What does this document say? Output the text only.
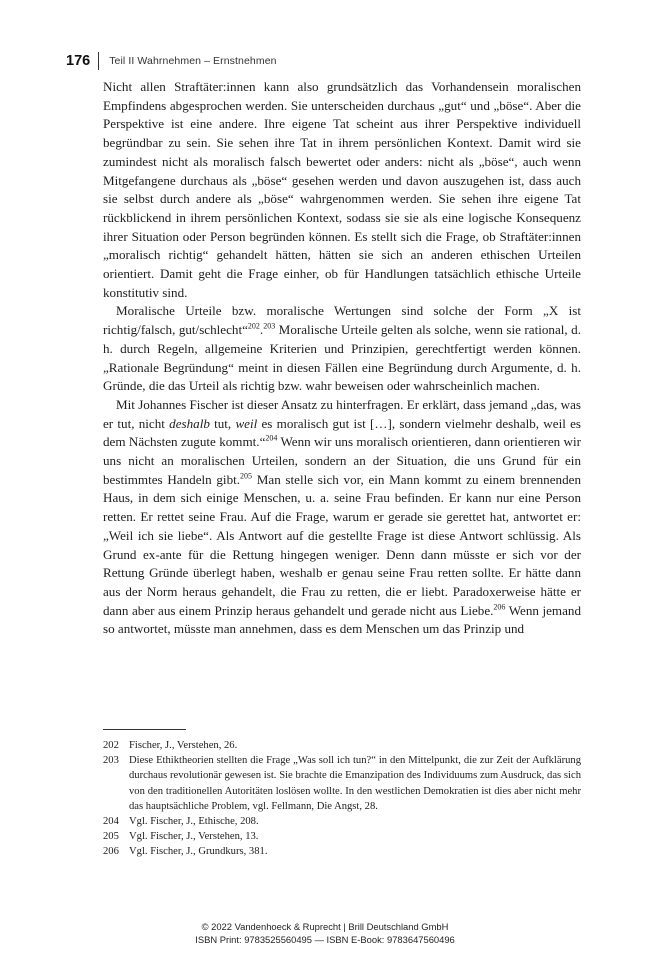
176 Teil II Wahrnehmen – Ernstnehmen

Nicht allen Straftäter:innen kann also grundsätzlich das Vorhandensein moralischen Empfindens abgesprochen werden. Sie unterscheiden durchaus „gut“ und „böse“. Aber die Perspektive ist eine andere. Ihre eigene Tat scheint aus ihrer Perspektive individuell begründbar zu sein. Sie sehen ihre Tat in ihrem persönlichen Kontext. Damit wird sie zumindest nicht als moralisch falsch bewertet oder anders: nicht als „böse“, auch wenn Mitgefangene durchaus als „böse“ gesehen werden und davon auszugehen ist, dass auch sie selbst durch andere als „böse“ wahrgenommen werden. Sie sehen ihre eigene Tat rückblickend in ihrem persönlichen Kontext, sodass sie sie als eine logische Konsequenz ihrer Situation oder Person begründen können. Es stellt sich die Frage, ob Straftäter:innen „moralisch richtig“ gehandelt hätten, hätten sie sich an anderen ethischen Urteilen orientiert. Damit geht die Frage einher, ob für Handlungen tatsächlich ethische Urteile konstitutiv sind.

Moralische Urteile bzw. moralische Wertungen sind solche der Form „X ist richtig/falsch, gut/schlecht“$^{202}$.$^{203}$ Moralische Urteile gelten als solche, wenn sie rational, d. h. durch Regeln, allgemeine Kriterien und Prinzipien, gerechtfertigt werden können. „Rationale Begründung“ meint in diesen Fällen eine Begründung durch Argumente, d. h. Gründe, die das Urteil als richtig bzw. wahr beweisen oder wahrscheinlich machen.

Mit Johannes Fischer ist dieser Ansatz zu hinterfragen. Er erklärt, dass jemand „das, was er tut, nicht deshalb tut, weil es moralisch gut ist […], sondern vielmehr deshalb, weil es dem Nächsten zugute kommt.“$^{204}$ Wenn wir uns moralisch orientieren, dann orientieren wir uns nicht an moralischen Urteilen, sondern an der Situation, die uns Grund für ein bestimmtes Handeln gibt.$^{205}$ Man stelle sich vor, ein Mann kommt zu einem brennenden Haus, in dem sich einige Menschen, u. a. seine Frau befinden. Er kann nur eine Person retten. Er rettet seine Frau. Auf die Frage, warum er gerade sie gerettet hat, antwortet er: „Weil ich sie liebe“. Als Antwort auf die gestellte Frage ist diese Antwort schlüssig. Als Grund ex-ante für die Rettung hingegen weniger. Denn dann müsste er sich vor der Rettung Gründe überlegt haben, weshalb er genau seine Frau retten sollte. Er hätte dann aus der Norm heraus gehandelt, die Frau zu retten, die er liebt. Paradoxerweise hätte er dann aber aus einem Prinzip heraus gehandelt und gerade nicht aus Liebe.$^{206}$ Wenn jemand so antwortet, müsste man annehmen, dass es dem Menschen um das Prinzip und

202 Fischer, J., Verstehen, 26.
203 Diese Ethiktheorien stellten die Frage „Was soll ich tun?“ in den Mittelpunkt, die zur Zeit der Aufklärung durchaus revolutionär gewesen ist. Sie brachte die Emanzipation des Individuums zum Ausdruck, das sich von den traditionellen Autoritäten loslösen wollte. In den westlichen Demokratien ist dies aber nicht mehr das hauptsächliche Problem, vgl. Fellmann, Die Angst, 28.
204 Vgl. Fischer, J., Ethische, 208.
205 Vgl. Fischer, J., Verstehen, 13.
206 Vgl. Fischer, J., Grundkurs, 381.
© 2022 Vandenhoeck & Ruprecht | Brill Deutschland GmbH
ISBN Print: 9783525560495 — ISBN E-Book: 9783647560496
